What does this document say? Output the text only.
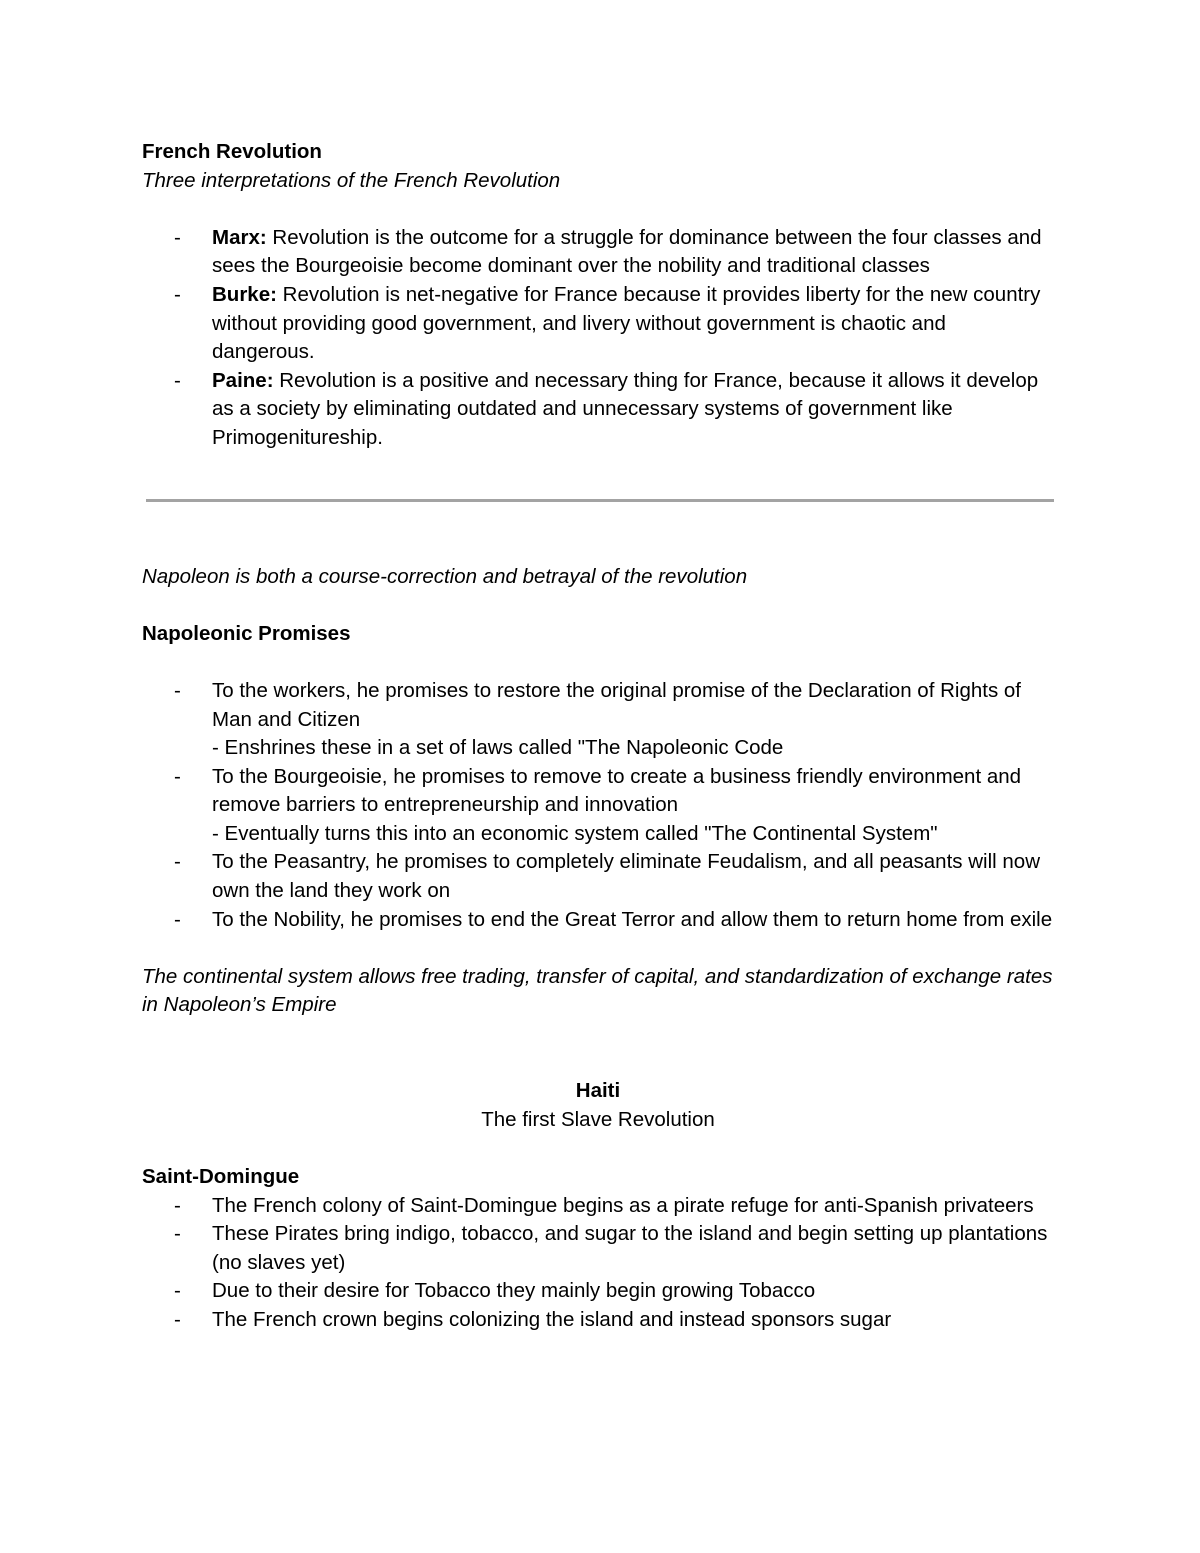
French Revolution

Three interpretations of the French Revolution

- Marx: Revolution is the outcome for a struggle for dominance between the four classes and sees the Bourgeoisie become dominant over the nobility and traditional classes
- Burke: Revolution is net-negative for France because it provides liberty for the new country without providing good government, and livery without government is chaotic and dangerous.
- Paine: Revolution is a positive and necessary thing for France, because it allows it develop as a society by eliminating outdated and unnecessary systems of government like Primogenitureship.

Napoleon is both a course-correction and betrayal of the revolution

Napoleonic Promises

- To the workers, he promises to restore the original promise of the Declaration of Rights of Man and Citizen
- Enshrines these in a set of laws called "The Napoleonic Code
- To the Bourgeoisie, he promises to remove to create a business friendly environment and remove barriers to entrepreneurship and innovation
- Eventually turns this into an economic system called "The Continental System"
- To the Peasantry, he promises to completely eliminate Feudalism, and all peasants will now own the land they work on
- To the Nobility, he promises to end the Great Terror and allow them to return home from exile

The continental system allows free trading, transfer of capital, and standardization of exchange rates in Napoleon’s Empire

Haiti

The first Slave Revolution

Saint-Domingue

- The French colony of Saint-Domingue begins as a pirate refuge for anti-Spanish privateers
- These Pirates bring indigo, tobacco, and sugar to the island and begin setting up plantations (no slaves yet)
- Due to their desire for Tobacco they mainly begin growing Tobacco
- The French crown begins colonizing the island and instead sponsors sugar
